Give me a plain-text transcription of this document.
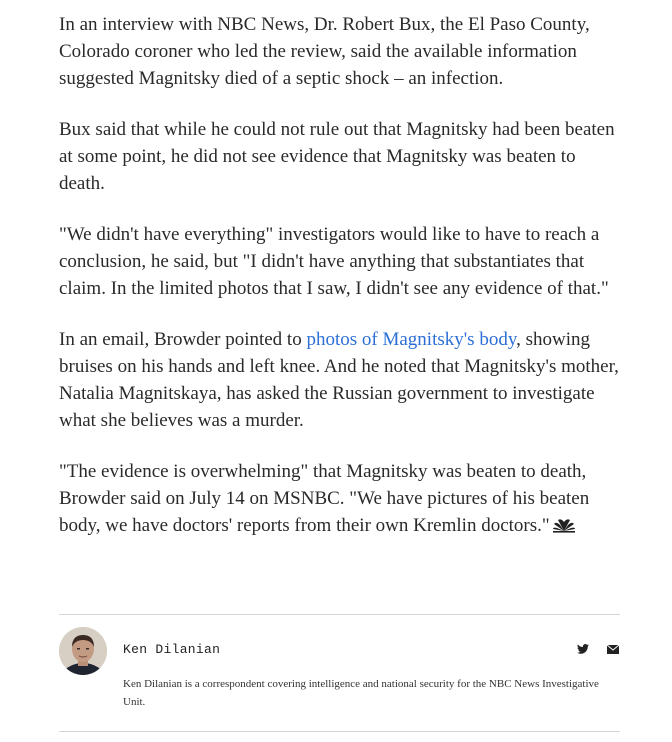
In an interview with NBC News, Dr. Robert Bux, the El Paso County, Colorado coroner who led the review, said the available information suggested Magnitsky died of a septic shock – an infection.

Bux said that while he could not rule out that Magnitsky had been beaten at some point, he did not see evidence that Magnitsky was beaten to death.

"We didn't have everything" investigators would like to have to reach a conclusion, he said, but "I didn't have anything that substantiates that claim. In the limited photos that I saw, I didn't see any evidence of that."

In an email, Browder pointed to photos of Magnitsky's body, showing bruises on his hands and left knee. And he noted that Magnitsky's mother, Natalia Magnitskaya, has asked the Russian government to investigate what she believes was a murder.

"The evidence is overwhelming" that Magnitsky was beaten to death, Browder said on July 14 on MSNBC. "We have pictures of his beaten body, we have doctors' reports from their own Kremlin doctors."

Ken Dilanian
Ken Dilanian is a correspondent covering intelligence and national security for the NBC News Investigative Unit.
